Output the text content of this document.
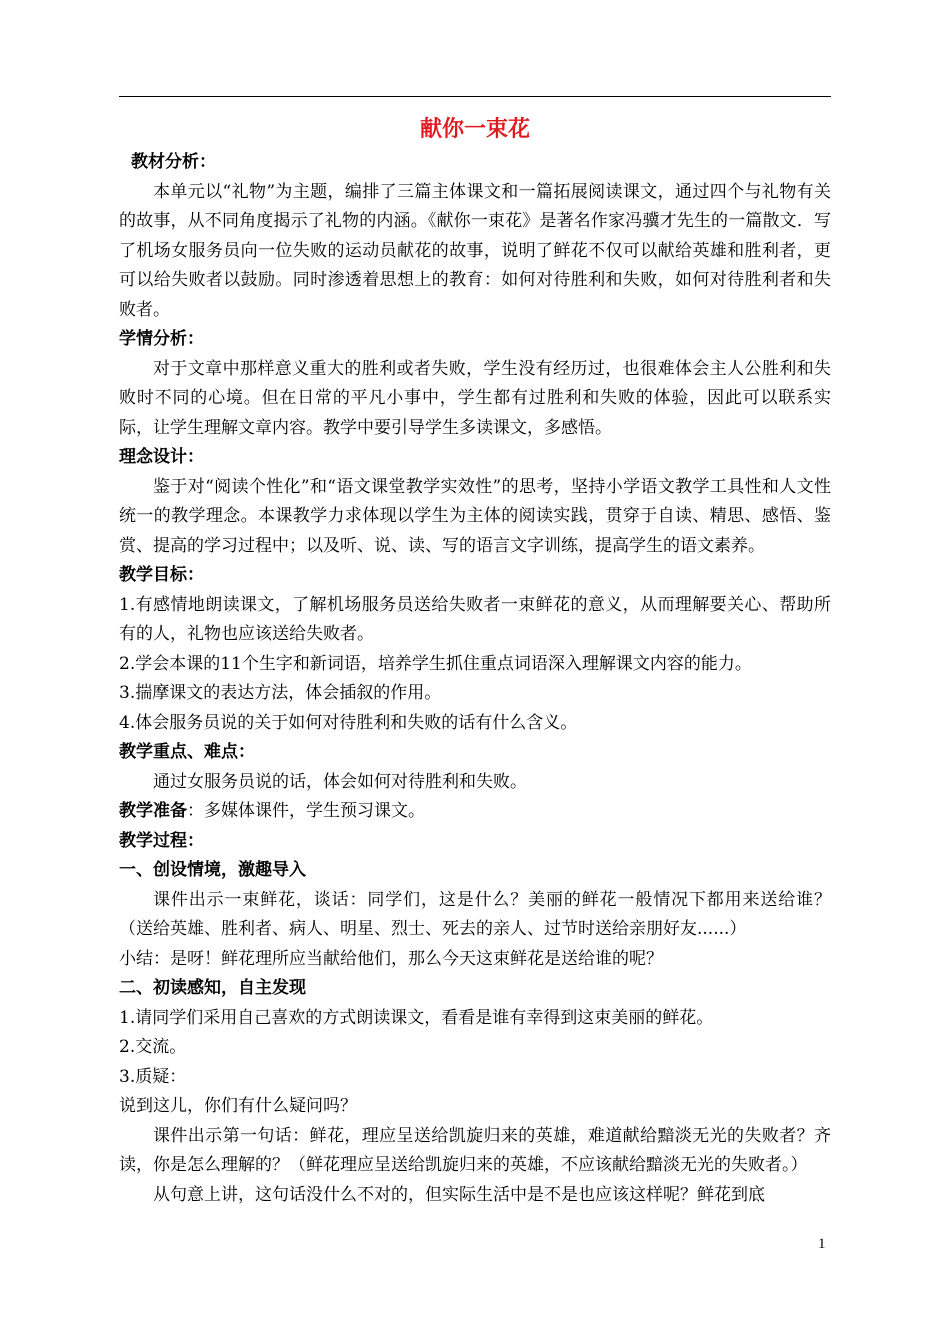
献你一束花
教材分析：
本单元以“礼物”为主题，编排了三篇主体课文和一篇拓展阅读课文，通过四个与礼物有关的故事，从不同角度揭示了礼物的内涵。《献你一束花》是著名作家冯骥才先生的一篇散文．写了机场女服务员向一位失败的运动员献花的故事，说明了鲜花不仅可以献给英雄和胜利者，更可以给失败者以鼓励。同时渗透着思想上的教育：如何对待胜利和失败，如何对待胜利者和失败者。
学情分析：
对于文章中那样意义重大的胜利或者失败，学生没有经历过，也很难体会主人公胜利和失败时不同的心境。但在日常的平凡小事中，学生都有过胜利和失败的体验，因此可以联系实际，让学生理解文章内容。教学中要引导学生多读课文，多感悟。
理念设计：
鉴于对“阅读个性化”和“语文课堂教学实效性”的思考，坚持小学语文教学工具性和人文性统一的教学理念。本课教学力求体现以学生为主体的阅读实践，贯穿于自读、精思、感悟、鉴赏、提高的学习过程中；以及听、说、读、写的语言文字训练，提高学生的语文素养。
教学目标：
1.有感情地朗读课文，了解机场服务员送给失败者一束鲜花的意义，从而理解要关心、帮助所有的人，礼物也应该送给失败者。
2.学会本课的11个生字和新词语，培养学生抓住重点词语深入理解课文内容的能力。
3.揣摩课文的表达方法，体会插叙的作用。
4.体会服务员说的关于如何对待胜利和失败的话有什么含义。
教学重点、难点：
通过女服务员说的话，体会如何对待胜利和失败。
教学准备：多媒体课件，学生预习课文。
教学过程：
一、创设情境，激趣导入
课件出示一束鲜花，谈话：同学们，这是什么？美丽的鲜花一般情况下都用来送给谁？（送给英雄、胜利者、病人、明星、烈士、死去的亲人、过节时送给亲朋好友......）
小结：是呀！鲜花理所应当献给他们，那么今天这束鲜花是送给谁的呢？
二、初读感知，自主发现
1.请同学们采用自己喜欢的方式朗读课文，看看是谁有幸得到这束美丽的鲜花。
2.交流。
3.质疑：
说到这儿，你们有什么疑问吗？
课件出示第一句话：鲜花，理应呈送给凯旋归来的英雄，难道献给黯淡无光的失败者？齐读，你是怎么理解的？（鲜花理应呈送给凯旋归来的英雄，不应该献给黯淡无光的失败者。）
从句意上讲，这句话没什么不对的，但实际生活中是不是也应该这样呢？鲜花到底
1
